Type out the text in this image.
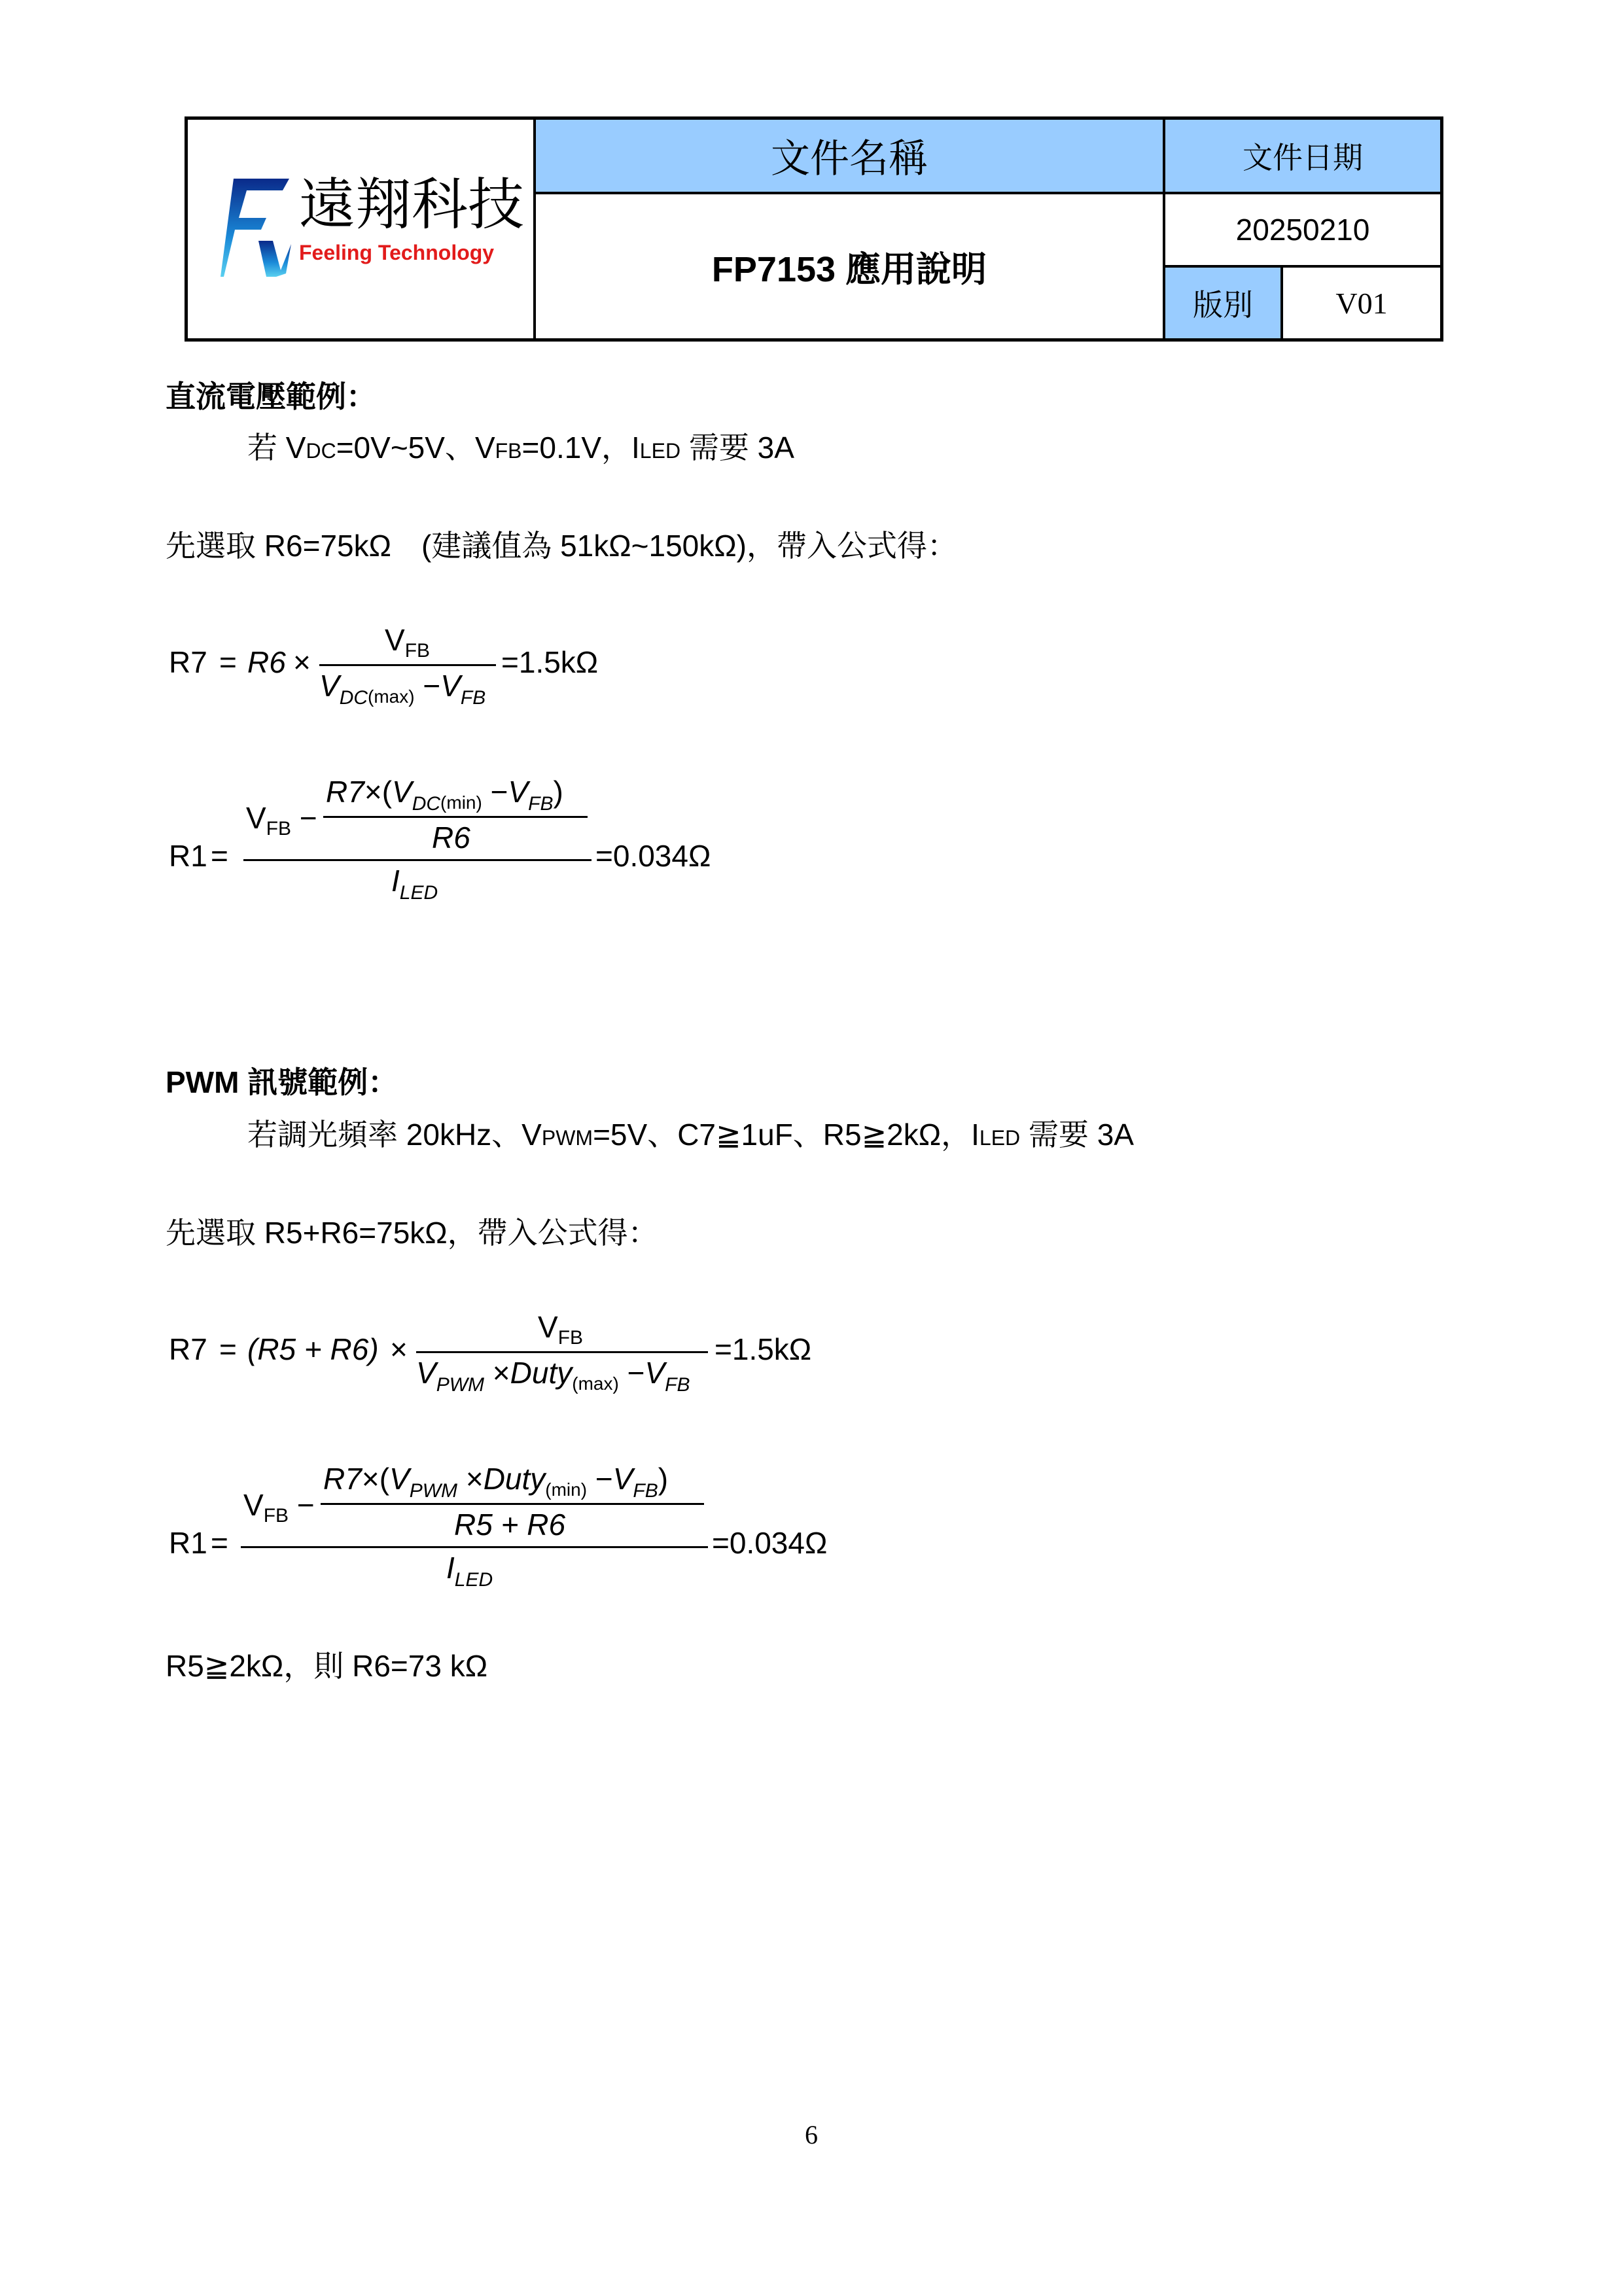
遠翔科技
Feeling Technology
文件名稱
FP7153 應用說明
文件日期
20250210
版別	V01
直流電壓範例：
若 VDC=0V~5V、VFB=0.1V，ILED 需要 3A
先選取 R6=75kΩ　(建議值為 51kΩ~150kΩ)，帶入公式得：
R7 = R6 ×
$V_{FB}$
$V_{DC(max)} -V_{FB}$
=1.5kΩ
R1 =
$V_{FB}$ −
$R7\times(V_{DC(min)} -V_{FB})$
R6
$I_{LED}$
=0.034Ω
PWM 訊號範例：
若調光頻率 20kHz、VPWM=5V、C7≧1uF、R5≧2kΩ，ILED 需要 3A
先選取 R5+R6=75kΩ，帶入公式得：
R7 = (R5 + R6) ×
$V_{FB}$
$V_{PWM}$ ×Duty$_{(max)}$ $-V_{FB}$
=1.5kΩ
R1 =
$V_{FB}$ −
$R7\times(V_{PWM}$ ×Duty$_{(min)}$ $-V_{FB}$)
R5 + R6
$I_{LED}$
=0.034Ω
R5≧2kΩ，則 R6=73 kΩ
6
